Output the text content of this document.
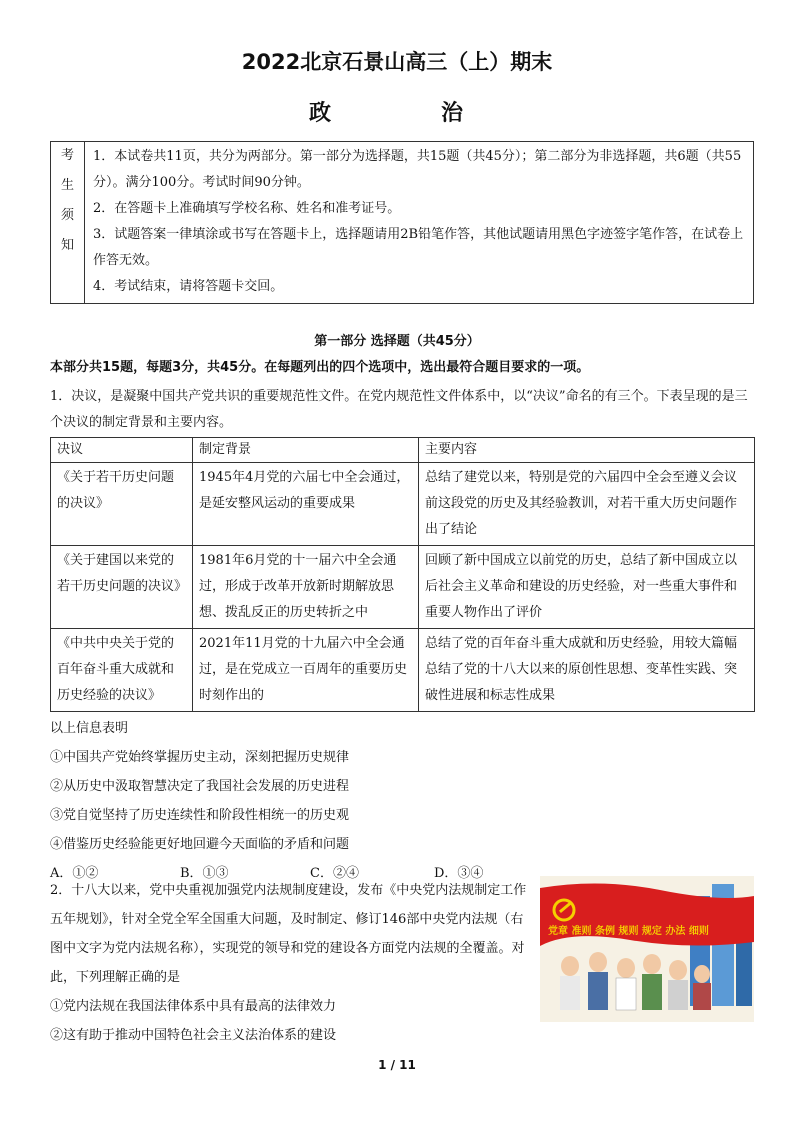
2022北京石景山高三（上）期末
政　　治
考
生
须
知

1．本试卷共11页，共分为两部分。第一部分为选择题，共15题（共45分）；第二部分为非选择题，共6题（共55分）。满分100分。考试时间90分钟。

2．在答题卡上准确填写学校名称、姓名和准考证号。

3．试题答案一律填涂或书写在答题卡上，选择题请用2B铅笔作答，其他试题请用黑色字迹签字笔作答，在试卷上作答无效。

4．考试结束，请将答题卡交回。

第一部分 选择题（共45分）
本部分共15题，每题3分，共45分。在每题列出的四个选项中，选出最符合题目要求的一项。

1．决议，是凝聚中国共产党共识的重要规范性文件。在党内规范性文件体系中，以“决议”命名的有三个。下表呈现的是三个决议的制定背景和主要内容。

决议	制定背景	主要内容
《关于若干历史问题的决议》	1945年4月党的六届七中全会通过，是延安整风运动的重要成果	总结了建党以来，特别是党的六届四中全会至遵义会议前这段党的历史及其经验教训，对若干重大历史问题作出了结论
《关于建国以来党的若干历史问题的决议》	1981年6月党的十一届六中全会通过，形成于改革开放新时期解放思想、拨乱反正的历史转折之中	回顾了新中国成立以前党的历史，总结了新中国成立以后社会主义革命和建设的历史经验，对一些重大事件和重要人物作出了评价
《中共中央关于党的百年奋斗重大成就和历史经验的决议》	2021年11月党的十九届六中全会通过，是在党成立一百周年的重要历史时刻作出的	总结了党的百年奋斗重大成就和历史经验，用较大篇幅总结了党的十八大以来的原创性思想、变革性实践、突破性进展和标志性成果

以上信息表明

①中国共产党始终掌握历史主动，深刻把握历史规律

②从历史中汲取智慧决定了我国社会发展的历史进程

③党自觉坚持了历史连续性和阶段性相统一的历史观

④借鉴历史经验能更好地回避今天面临的矛盾和问题

A．①②	B．①③	C．②④	D．③④

2．十八大以来，党中央重视加强党内法规制度建设，发布《中央党内法规制定工作五年规划》，针对全党全军全国重大问题，及时制定、修订146部中央党内法规（右图中文字为党内法规名称），实现党的领导和党的建设各方面党内法规的全覆盖。对此，下列理解正确的是

①党内法规在我国法律体系中具有最高的法律效力

②这有助于推动中国特色社会主义法治体系的建设

党章 准则 条例 规则 规定 办法 细则
1 / 11
